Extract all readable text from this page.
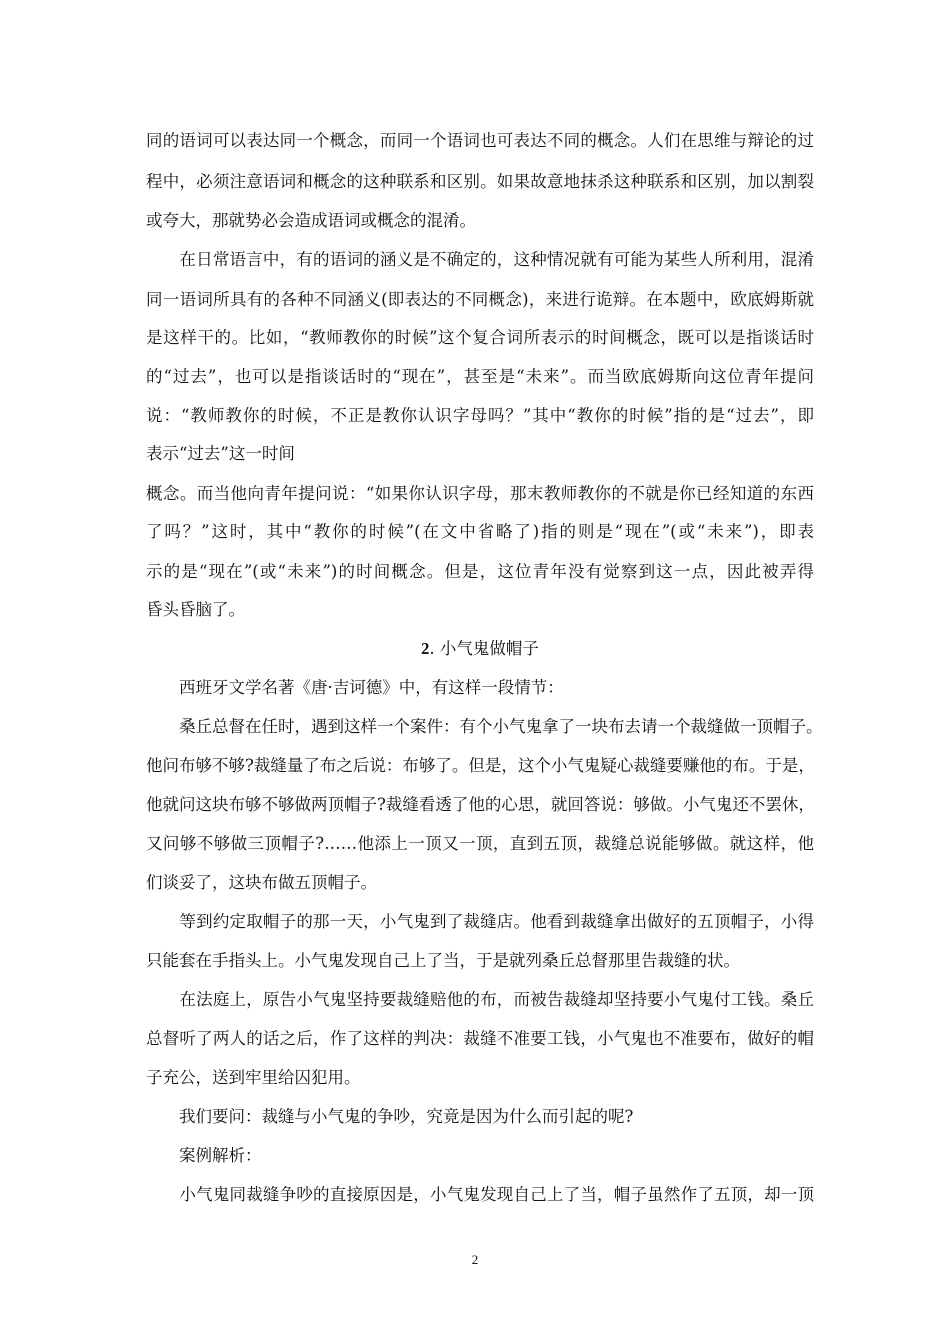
同的语词可以表达同一个概念，而同一个语词也可表达不同的概念。人们在思维与辩论的过
程中，必须注意语词和概念的这种联系和区别。如果故意地抹杀这种联系和区别，加以割裂
或夸大，那就势必会造成语词或概念的混淆。
　　在日常语言中，有的语词的涵义是不确定的，这种情况就有可能为某些人所利用，混淆
同一语词所具有的各种不同涵义(即表达的不同概念)，来进行诡辩。在本题中，欧底姆斯就
是这样干的。比如，“教师教你的时候”这个复合词所表示的时间概念，既可以是指谈话时
的“过去”，也可以是指谈话时的“现在”，甚至是“未来”。而当欧底姆斯向这位青年提问
说：“教师教你的时候，不正是教你认识字母吗？”其中“教你的时候”指的是“过去”，即
表示“过去”这一时间
概念。而当他向青年提问说：“如果你认识字母，那末教师教你的不就是你已经知道的东西
了吗？”这时，其中“教你的时候”(在文中省略了)指的则是“现在”(或“未来”)，即表
示的是“现在”(或“未来”)的时间概念。但是，这位青年没有觉察到这一点，因此被弄得
昏头昏脑了。
2. 小气鬼做帽子
　　西班牙文学名著《唐·吉诃德》中，有这样一段情节：
　　桑丘总督在任时，遇到这样一个案件：有个小气鬼拿了一块布去请一个裁缝做一顶帽子。
他问布够不够?裁缝量了布之后说：布够了。但是，这个小气鬼疑心裁缝要赚他的布。于是，
他就问这块布够不够做两顶帽子?裁缝看透了他的心思，就回答说：够做。小气鬼还不罢休，
又问够不够做三顶帽子?……他添上一顶又一顶，直到五顶，裁缝总说能够做。就这样，他
们谈妥了，这块布做五顶帽子。
　　等到约定取帽子的那一天，小气鬼到了裁缝店。他看到裁缝拿出做好的五顶帽子，小得
只能套在手指头上。小气鬼发现自己上了当，于是就列桑丘总督那里告裁缝的状。
　　在法庭上，原告小气鬼坚持要裁缝赔他的布，而被告裁缝却坚持要小气鬼付工钱。桑丘
总督听了两人的话之后，作了这样的判决：裁缝不准要工钱，小气鬼也不准要布，做好的帽
子充公，送到牢里给囚犯用。
　　我们要问：裁缝与小气鬼的争吵，究竟是因为什么而引起的呢?
　　案例解析：
　　小气鬼同裁缝争吵的直接原因是，小气鬼发现自己上了当，帽子虽然作了五顶，却一顶
2
